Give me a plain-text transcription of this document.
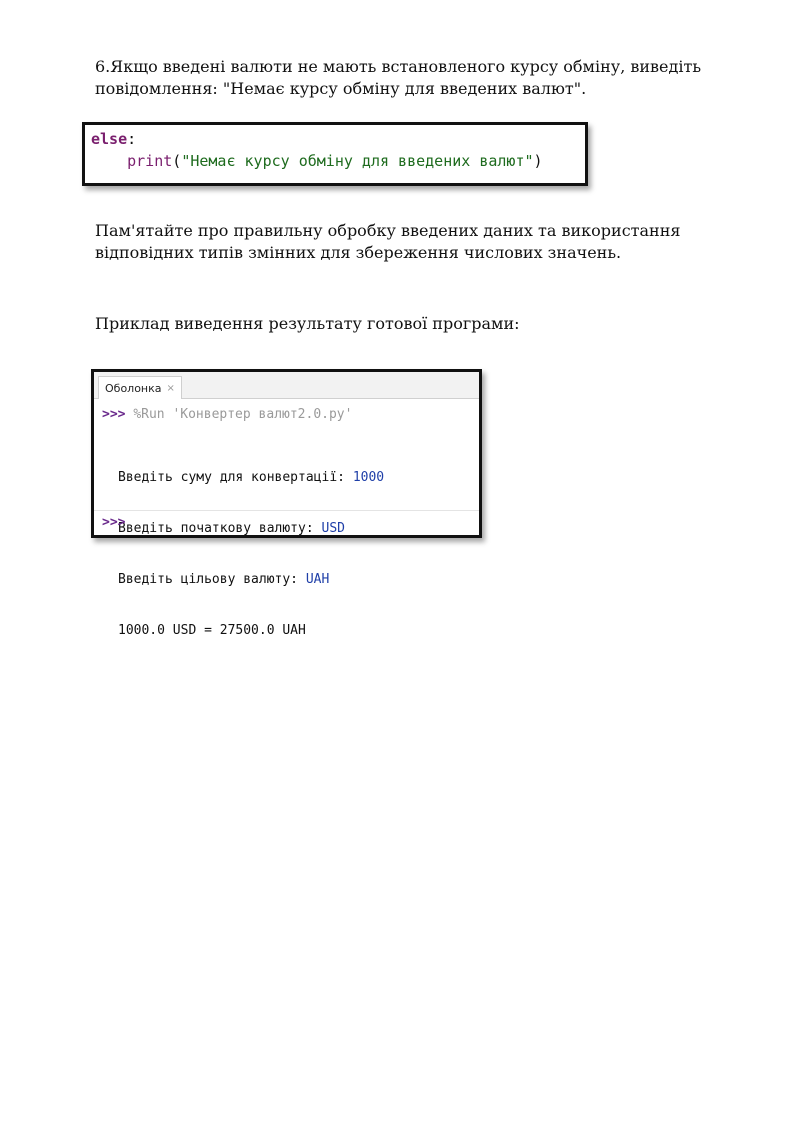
6.Якщо введені валюти не мають встановленого курсу обміну, виведіть повідомлення: "Немає курсу обміну для введених валют".

else:
print("Немає курсу обміну для введених валют")

Пам'ятайте про правильну обробку введених даних та використання відповідних типів змінних для збереження числових значень.

Приклад виведення результату готової програми:

Оболонка ×
>>> %Run 'Конвертер валют2.0.py'

Введіть суму для конвертації: 1000

Введіть початкову валюту: USD

Введіть цільову валюту: UAH

1000.0 USD = 27500.0 UAH

>>>
